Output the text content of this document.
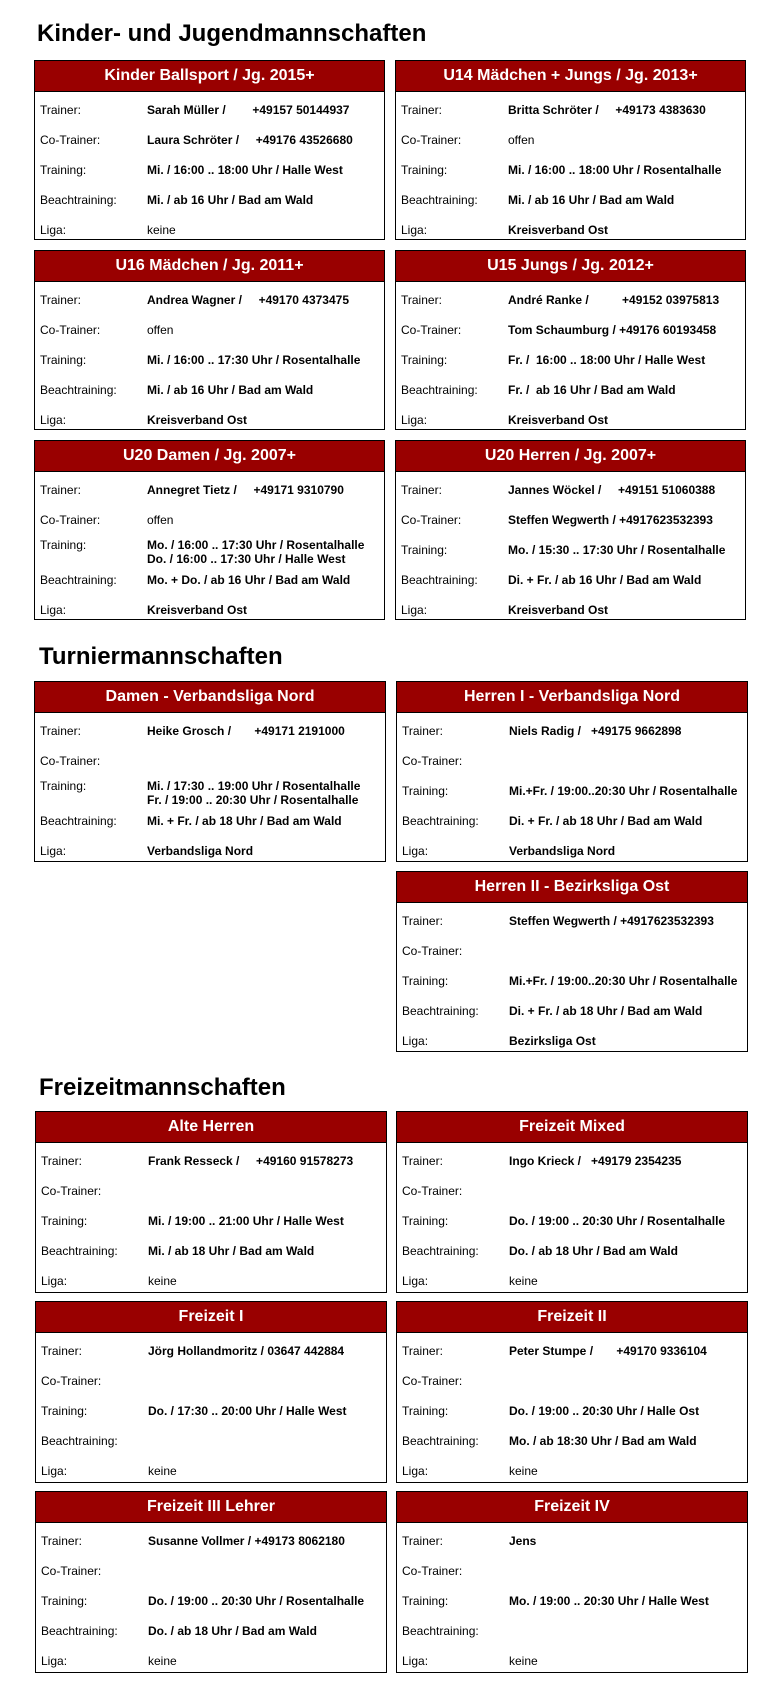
Kinder- und Jugendmannschaften
Turniermannschaften
Freizeitmannschaften
Kinder Ballsport / Jg. 2015+
Trainer:	Sarah Müller /        +49157 50144937
Co-Trainer:	Laura Schröter /     +49176 43526680
Training:	Mi. / 16:00 .. 18:00 Uhr / Halle West
Beachtraining:	Mi. / ab 16 Uhr / Bad am Wald
Liga:	keine
U14 Mädchen + Jungs / Jg. 2013+
Trainer:	Britta Schröter /     +49173 4383630
Co-Trainer:	offen
Training:	Mi. / 16:00 .. 18:00 Uhr / Rosentalhalle
Beachtraining:	Mi. / ab 16 Uhr / Bad am Wald
Liga:	Kreisverband Ost
U16 Mädchen / Jg. 2011+
Trainer:	Andrea Wagner /     +49170 4373475
Co-Trainer:	offen
Training:	Mi. / 16:00 .. 17:30 Uhr / Rosentalhalle
Beachtraining:	Mi. / ab 16 Uhr / Bad am Wald
Liga:	Kreisverband Ost
U15 Jungs / Jg. 2012+
Trainer:	André Ranke /          +49152 03975813
Co-Trainer:	Tom Schaumburg / +49176 60193458
Training:	Fr. /  16:00 .. 18:00 Uhr / Halle West
Beachtraining:	Fr. /  ab 16 Uhr / Bad am Wald
Liga:	Kreisverband Ost
U20 Damen / Jg. 2007+
Trainer:	Annegret Tietz /     +49171 9310790
Co-Trainer:	offen
Training:	Mo. / 16:00 .. 17:30 Uhr / Rosentalhalle
Do. / 16:00 .. 17:30 Uhr / Halle West
Beachtraining:	Mo. + Do. / ab 16 Uhr / Bad am Wald
Liga:	Kreisverband Ost
U20 Herren / Jg. 2007+
Trainer:	Jannes Wöckel /     +49151 51060388
Co-Trainer:	Steffen Wegwerth / +4917623532393
Training:	Mo. / 15:30 .. 17:30 Uhr / Rosentalhalle
Beachtraining:	Di. + Fr. / ab 16 Uhr / Bad am Wald
Liga:	Kreisverband Ost
Damen - Verbandsliga Nord
Trainer:	Heike Grosch /       +49171 2191000
Co-Trainer:
Training:	Mi. / 17:30 .. 19:00 Uhr / Rosentalhalle
Fr. / 19:00 .. 20:30 Uhr / Rosentalhalle
Beachtraining:	Mi. + Fr. / ab 18 Uhr / Bad am Wald
Liga:	Verbandsliga Nord
Herren I - Verbandsliga Nord
Trainer:	Niels Radig /   +49175 9662898
Co-Trainer:
Training:	Mi.+Fr. / 19:00..20:30 Uhr / Rosentalhalle
Beachtraining:	Di. + Fr. / ab 18 Uhr / Bad am Wald
Liga:	Verbandsliga Nord
Herren II - Bezirksliga Ost
Trainer:	Steffen Wegwerth / +4917623532393
Co-Trainer:
Training:	Mi.+Fr. / 19:00..20:30 Uhr / Rosentalhalle
Beachtraining:	Di. + Fr. / ab 18 Uhr / Bad am Wald
Liga:	Bezirksliga Ost
Alte Herren
Trainer:	Frank Resseck /     +49160 91578273
Co-Trainer:
Training:	Mi. / 19:00 .. 21:00 Uhr / Halle West
Beachtraining:	Mi. / ab 18 Uhr / Bad am Wald
Liga:	keine
Freizeit Mixed
Trainer:	Ingo Krieck /   +49179 2354235
Co-Trainer:
Training:	Do. / 19:00 .. 20:30 Uhr / Rosentalhalle
Beachtraining:	Do. / ab 18 Uhr / Bad am Wald
Liga:	keine
Freizeit I
Trainer:	Jörg Hollandmoritz / 03647 442884
Co-Trainer:
Training:	Do. / 17:30 .. 20:00 Uhr / Halle West
Beachtraining:
Liga:	keine
Freizeit II
Trainer:	Peter Stumpe /       +49170 9336104
Co-Trainer:
Training:	Do. / 19:00 .. 20:30 Uhr / Halle Ost
Beachtraining:	Mo. / ab 18:30 Uhr / Bad am Wald
Liga:	keine
Freizeit III Lehrer
Trainer:	Susanne Vollmer / +49173 8062180
Co-Trainer:
Training:	Do. / 19:00 .. 20:30 Uhr / Rosentalhalle
Beachtraining:	Do. / ab 18 Uhr / Bad am Wald
Liga:	keine
Freizeit IV
Trainer:	Jens
Co-Trainer:
Training:	Mo. / 19:00 .. 20:30 Uhr / Halle West
Beachtraining:
Liga:	keine
